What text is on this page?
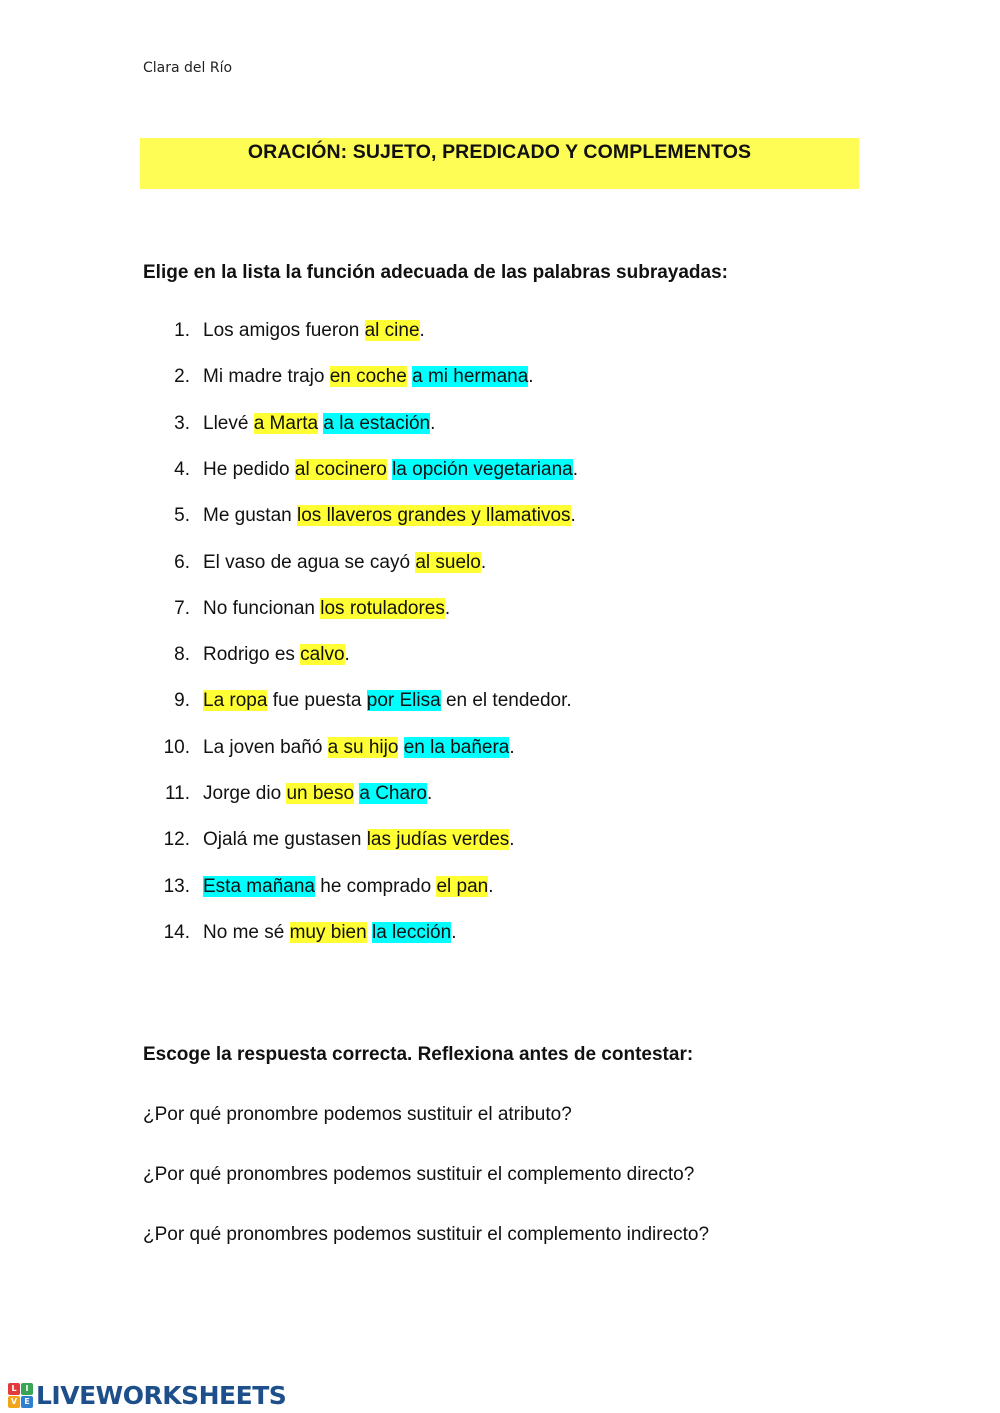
Clara del Río
ORACIÓN: SUJETO, PREDICADO Y COMPLEMENTOS
Elige en la lista la función adecuada de las palabras subrayadas:
1. Los amigos fueron al cine.
2. Mi madre trajo en coche a mi hermana.
3. Llevé a Marta a la estación.
4. He pedido al cocinero la opción vegetariana.
5. Me gustan los llaveros grandes y llamativos.
6. El vaso de agua se cayó al suelo.
7. No funcionan los rotuladores.
8. Rodrigo es calvo.
9. La ropa fue puesta por Elisa en el tendedor.
10. La joven bañó a su hijo en la bañera.
11. Jorge dio un beso a Charo.
12. Ojalá me gustasen las judías verdes.
13. Esta mañana he comprado el pan.
14. No me sé muy bien la lección.
Escoge la respuesta correcta. Reflexiona antes de contestar:
¿Por qué pronombre podemos sustituir el atributo?
¿Por qué pronombres podemos sustituir el complemento directo?
¿Por qué pronombres podemos sustituir el complemento indirecto?
L	I
V E LIVEWORKSHEETS
